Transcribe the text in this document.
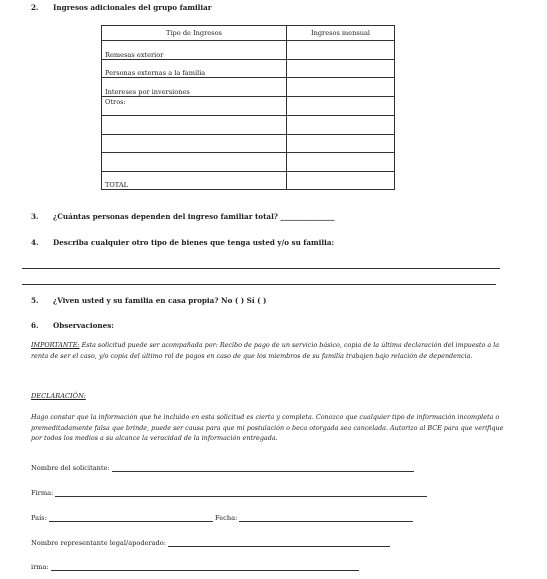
2. Ingresos adicionales del grupo familiar
Tipo de Ingresos	Ingresos mensual
Remesas exterior	
Personas externas a la familia	
Intereses por inversiones	
Otros:	

TOTAL	
3. ¿Cuántas personas dependen del ingreso familiar total? _______________
4. Describa cualquier otro tipo de bienes que tenga usted y/o su familia:
5. ¿Viven usted y su familia en casa propia? No ( ) Sí ( )
6. Observaciones:
IMPORTANTE: Esta solicitud puede ser acompañada por: Recibo de pago de un servicio básico, copia de la última declaración del impuesto a la renta de ser el caso, y/o copia del último rol de pagos en caso de que los miembros de su familia trabajen bajo relación de dependencia.
DECLARACIÓN:
Hago constar que la información que he incluido en esta solicitud es cierta y completa. Conozco que cualquier tipo de información incompleta o premeditadamente falsa que brinde, puede ser causa para que mi postulación o beca otorgada sea cancelada. Autorizo al BCE para que verifique por todos los medios a su alcance la veracidad de la información entregada.
Nombre del solicitante:
Firma:
País:	Fecha:
Nombre representante legal/apoderado:
irma:
